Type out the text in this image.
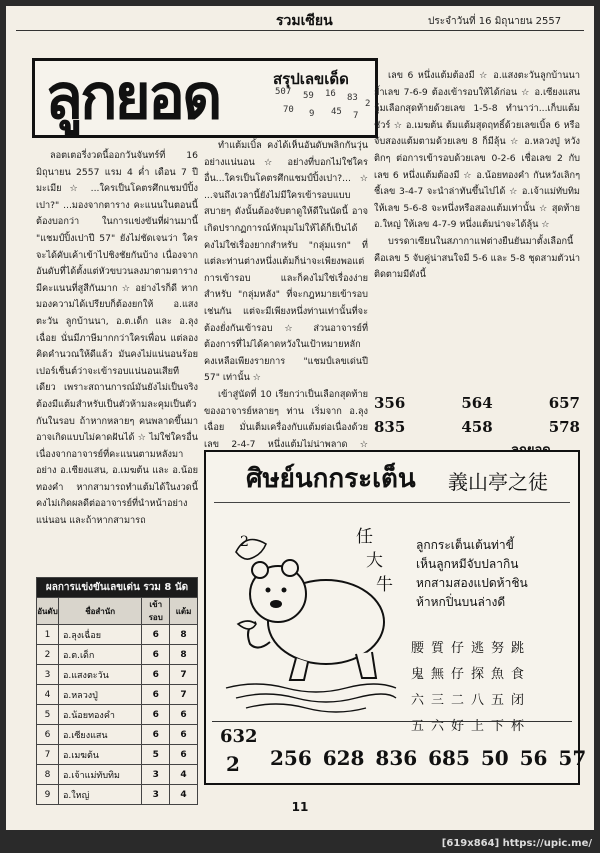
รวมเซียน	ประจำวันที่ 16 มิถุนายน 2557
ลูกยอด	สรุปเลขเด็ด
507 59 16 83
70 9 45 7
2

ลอตเตอรี่งวดนี้ออกวันจันทร์ที่ 16 มิถุนายน 2557 แรม 4 ค่ำ เดือน 7 ปีมะเมีย ☆ ...ใครเป็นโคตรศึกแชมป์ปิ้งเปา?" ...มองจากตาราง คะแนนในตอนนี้ต้องบอกว่า ในการแข่งขันที่ผ่านมานี้ "แชมป์ปิ้งเปาปี 57" ยังไม่ชัดเจนว่า ใครจะได้คับเค้าเข้าไปชิงชัยกันบ้าง เนื่องจากอันดับที่ได้ตั้งแต่หัวขบวนลงมาตามตารางมีคะแนนที่สูสีกันมาก ☆ อย่างไรก็ดี หากมองความได้เปรียบก็ต้องยกให้ อ.แสงตะวัน ลูกบ้านนา, อ.ต.เด็ก และ อ.ลุงเฉื่อย นั่นมีภาษีมากกว่าใครเพื่อน แต่ลองคิดคำนวณให้ดีแล้ว มันคงไม่แน่นอนร้อยเปอร์เซ็นต์ว่าจะเข้ารอบแน่นอนเสียทีเดียว เพราะสถานการณ์มันยังไม่เป็นจริง ต้องมีแต้มสำหรับเป็นตัวห้ามละคุมเป็นตัวกันในรอบ ถ้าหากหลายๆ คนพลาดขึ้นมาอาจเกิดแบบไม่คาดฝันได้ ☆ ไม่ใช่ใครอื่น เนื่องจากอาจารย์ที่คะแนนตามหลังมา อย่าง อ.เซียงแสน, อ.เมฆต้น และ อ.น้อยทองคำ หากสามารถทำแต้มได้ในงวดนี้ คงไม่เกิดผลดีต่ออาจารย์ที่นำหน้าอย่างแน่นอน และถ้าหากสามารถ

ทำแต้มเบิ้ล คงได้เห็นอันดับพลิกกันวุ่นอย่างแน่นอน ☆ อย่างที่บอกไม่ใช่ใครอื่น...ใครเป็นโคตรศึกแชมป์ปิ้งเปา?... ☆ ...จนถึงเวลานี้ยังไม่มีใครเข้ารอบแบบสบายๆ ดังนั้นต้องจับตาดูให้ดีในนัดนี้ อาจเกิดปรากฏการณ์หักมุมไม่ให้ได้ก็เป็นได้ คงไม่ใช่เรื่องยากสำหรับ "กลุ่มแรก" ที่แต่ละท่านต่างหนึ่งแต้มก็น่าจะเพียงพอแต่การเข้ารอบ และก็คงไม่ใช่เรื่องง่ายสำหรับ "กลุ่มหลัง" ที่จะกฎหมายเข้ารอบเช่นกัน แต่จะมีเพียงหนึ่งท่านเท่านั้นที่จะต้องยั่งกันเข้ารอบ ☆ ส่วนอาจารย์ที่ต้องการที่ไม่ได้คาดหวังในเป้าหมายหลักคงเหลือเพียงรายการ "แชมป์เลขเด่นปี 57" เท่านั้น ☆

เข้าสู่นัดที่ 10 เรียกว่าเป็นเลือกสุดท้ายของอาจารย์หลายๆ ท่าน เริ่มจาก อ.ลุงเฉื่อย มั่นเต็มเครื่องกับแต้มต่อเนื่องด้วยเลข 2-4-7 หนึ่งแต้มไม่น่าพลาด ☆

เลข 6 หนึ่งแต้มต้องมี ☆ อ.แสงตะวันลูกบ้านนา ย้ำเลข 7-6-9 ต้องเข้ารอบให้ได้ก่อน ☆ อ.เซียงแสน อุ้มเลือกสุดท้ายด้วยเลข 1-5-8 ทำนาว่า...เก็บแต้มชัวร์ ☆ อ.เมฆต้น ต้มแต้มสุดฤทธิ์ด้วยเลขเบิ้ล 6 หรือจับสองแต้มตามด้วยเลข 8 ก็มีลุ้น ☆ อ.หลวงปู่ หวังติกๆ ต่อการเข้ารอบด้วยเลข 0-2-6 เชื่อเลข 2 กับเลข 6 หนึ่งแต้มต้องมี ☆ อ.น้อยทองคำ กันหวังเลิกๆ ชี้เลข 3-4-7 จะนำล่าทันขึ้นไปได้ ☆ อ.เจ้าแม่ทับทิม ให้เลข 5-6-8 จะหนึ่งหรือสองแต้มเท่านั้น ☆ สุดท้าย อ.ใหญ่ ให้เลข 4-7-9 หนึ่งแต้มน่าจะได้ลุ้น ☆

บรรดาเซียนในสภากาแฟต่างยืนยันมาตั้งเลือกนี้คือเลข 5 จับคู่น่าสนใจมี 5-6 และ 5-8 ชุดสามตัวน่าติดตามมีดังนี้

356	564	657
835	458	578
ผลการแข่งขันเลขเด่น รวม 8 นัด			
อันดับ	ชื่อสำนัก	เข้ารอบ	แต้ม
1	อ.ลุงเฉื่อย	6	8
2	อ.ต.เด็ก	6	8
3	อ.แสงตะวัน	6	7
4	อ.หลวงปู่	6	7
5	อ.น้อยทองคำ	6	6
6	อ.เซียงแสน	6	6
7	อ.เมฆต้น	5	6
8	อ.เจ้าแม่ทับทิม	3	4
9	อ.ใหญ่	3	4
ศิษย์นกกระเต็น 義山亭之徒
2	任
大
牛
ลูกกระเต็นเต้นท่าขี้
เห็นลูกหมีจับปลากิน
หกสามสองแปดห้าชิน
ห้าหกปิ่นบนล่างดี
腰質仔逃努跳
鬼無仔探魚食
六三二八五闭
五六好上下杯
632
2 256 628 836 685 50 56 57
11
[619x864] https://upic.me/
